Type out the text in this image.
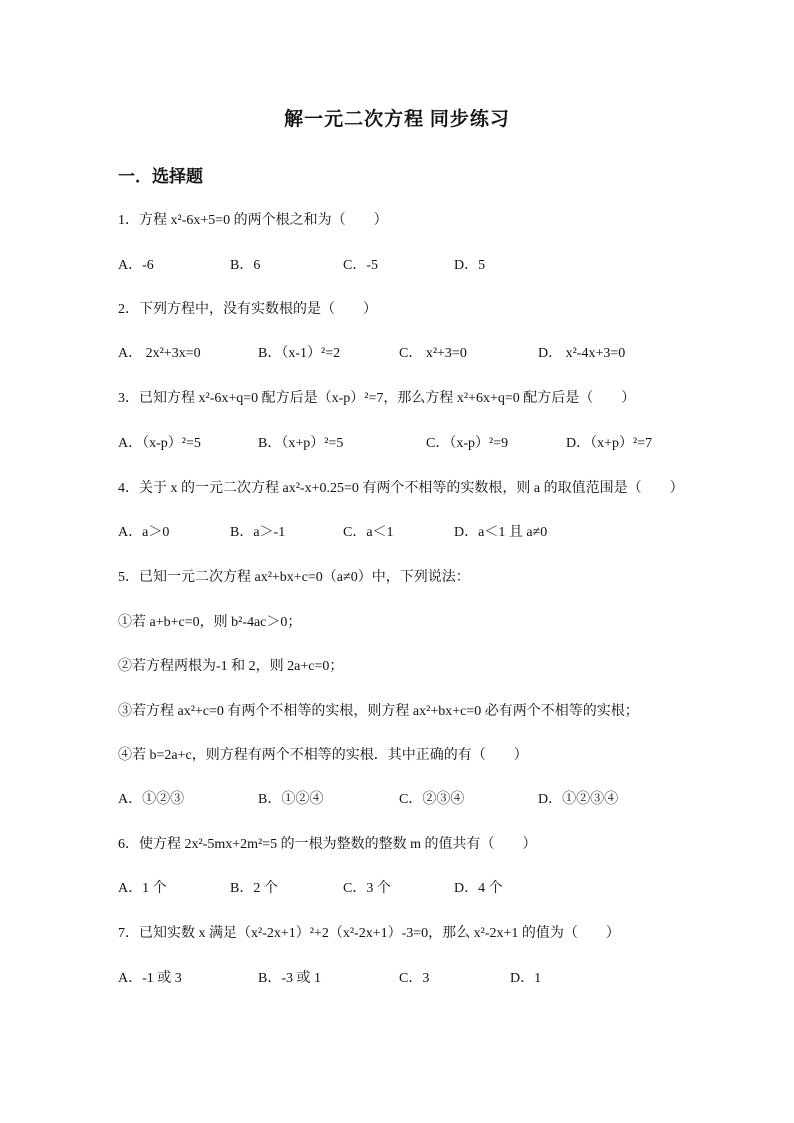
解一元二次方程 同步练习
一．选择题
1．方程 x²-6x+5=0 的两个根之和为（　　）
A．-6	B．6	C．-5	D．5
2．下列方程中，没有实数根的是（　　）
A． 2x²+3x=0	B．（x-1）²=2	C． x²+3=0	D． x²-4x+3=0
3．已知方程 x²-6x+q=0 配方后是（x-p）²=7，那么方程 x²+6x+q=0 配方后是（　　）
A．（x-p）²=5	B．（x+p）²=5	C．（x-p）²=9	D．（x+p）²=7
4．关于 x 的一元二次方程 ax²-x+0.25=0 有两个不相等的实数根，则 a 的取值范围是（　　）
A．a＞0	B．a＞-1	C．a＜1	D．a＜1 且 a≠0
5．已知一元二次方程 ax²+bx+c=0（a≠0）中，下列说法：
①若 a+b+c=0，则 b²-4ac＞0；
②若方程两根为-1 和 2，则 2a+c=0；
③若方程 ax²+c=0 有两个不相等的实根，则方程 ax²+bx+c=0 必有两个不相等的实根；
④若 b=2a+c，则方程有两个不相等的实根．其中正确的有（　　）
A．①②③	B．①②④	C．②③④	D．①②③④
6．使方程 2x²-5mx+2m²=5 的一根为整数的整数 m 的值共有（　　）
A．1 个	B．2 个	C．3 个	D．4 个
7．已知实数 x 满足（x²-2x+1）²+2（x²-2x+1）-3=0，那么 x²-2x+1 的值为（　　）
A．-1 或 3	B．-3 或 1	C．3	D．1
